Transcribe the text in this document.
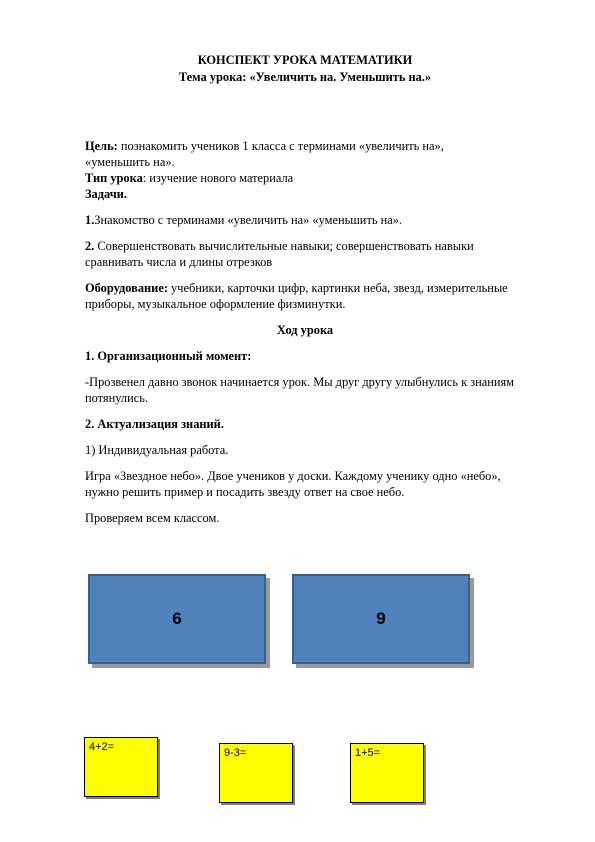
КОНСПЕКТ УРОКА МАТЕМАТИКИ
Тема урока: «Увеличить на. Уменьшить на.»

Цель: познакомить учеников 1 класса с терминами «увеличить на»,
«уменьшить на».

Тип урока: изучение нового материала

Задачи.

1.Знакомство с терминами «увеличить на» «уменьшить на».

2. Совершенствовать вычислительные навыки; совершенствовать навыки сравнивать числа и длины отрезков

Оборудование: учебники, карточки цифр, картинки неба, звезд, измерительные приборы, музыкальное оформление физминутки.

Ход урока

1. Организационный момент:

-Прозвенел давно звонок начинается урок. Мы друг другу улыбнулись к знаниям потянулись.

2. Актуализация знаний.

1) Индивидуальная работа.

Игра «Звездное небо». Двое учеников у доски. Каждому ученику одно «небо», нужно решить пример и посадить звезду ответ на свое небо.

Проверяем всем классом.

6	9
4+2=	9-3=	1+5=
